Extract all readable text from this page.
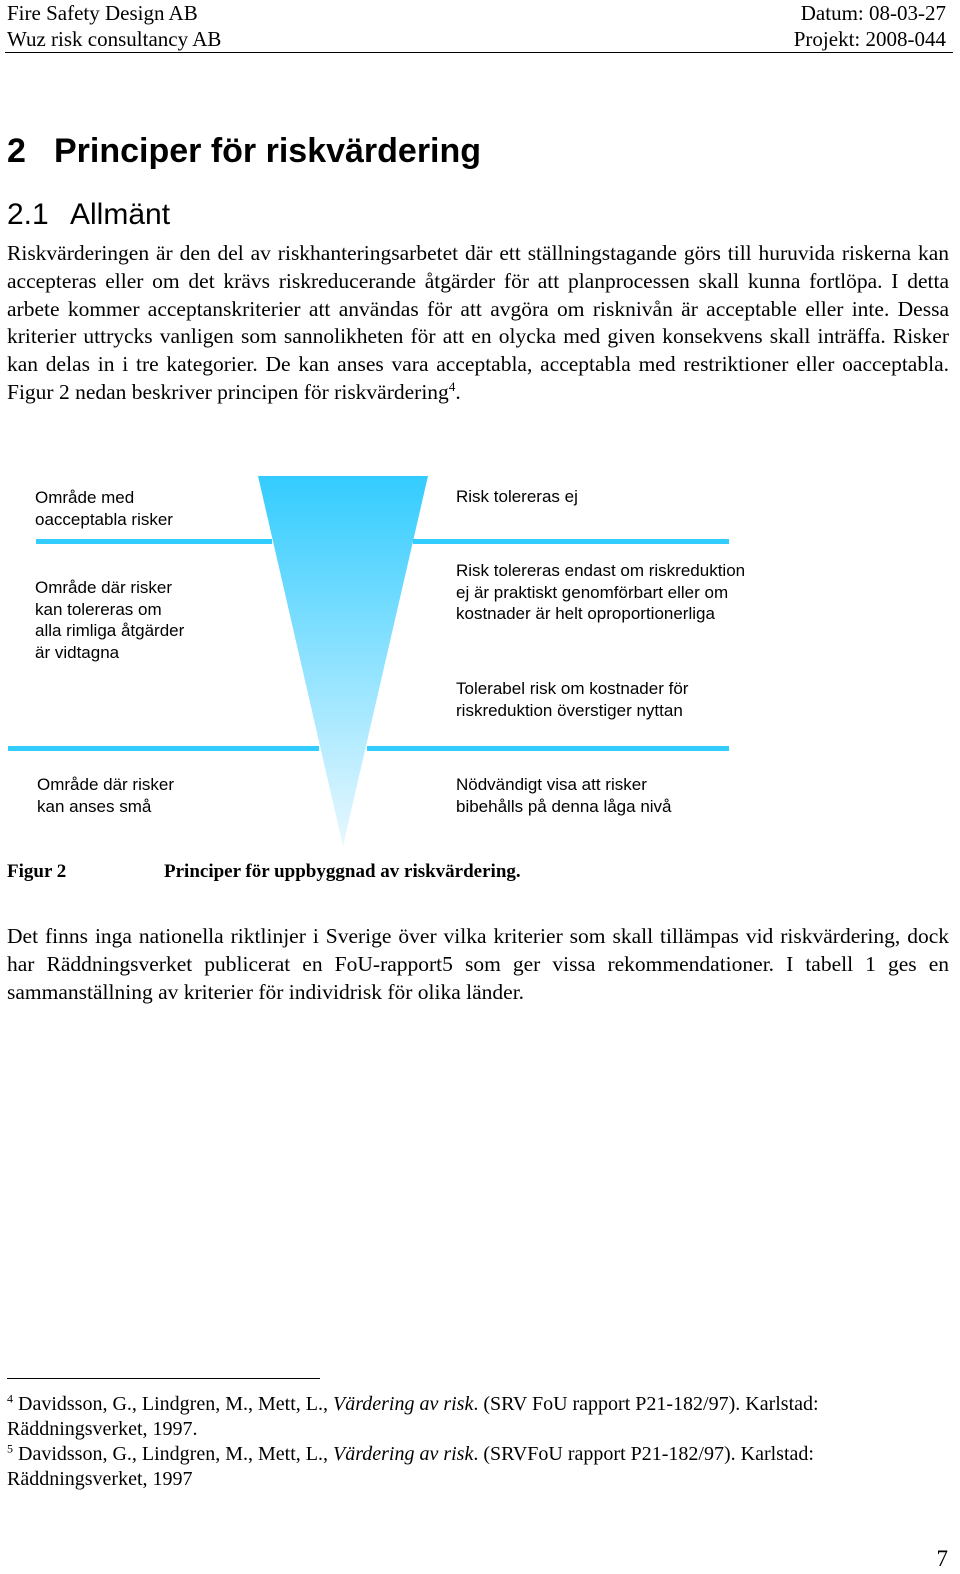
Fire Safety Design AB
Wuz risk consultancy AB
Datum: 08-03-27
Projekt: 2008-044
2 Principer för riskvärdering
2.1 Allmänt
Riskvärderingen är den del av riskhanteringsarbetet där ett ställningstagande görs till huruvida riskerna kan accepteras eller om det krävs riskreducerande åtgärder för att planprocessen skall kunna fortlöpa. I detta arbete kommer acceptanskriterier att användas för att avgöra om risknivån är acceptable eller inte. Dessa kriterier uttrycks vanligen som sannolikheten för att en olycka med given konsekvens skall inträffa. Risker kan delas in i tre kategorier. De kan anses vara acceptabla, acceptabla med restriktioner eller oacceptabla. Figur 2 nedan beskriver principen för riskvärdering$^4$.
Område med
oacceptabla risker
Område där risker
kan tolereras om
alla rimliga åtgärder
är vidtagna
Område där risker
kan anses små
Risk tolereras ej
Risk tolereras endast om riskreduktion
ej är praktiskt genomförbart eller om
kostnader är helt oproportionerliga
Tolerabel risk om kostnader för
riskreduktion överstiger nyttan
Nödvändigt visa att risker
bibehålls på denna låga nivå
Figur 2	Principer för uppbyggnad av riskvärdering.
Det finns inga nationella riktlinjer i Sverige över vilka kriterier som skall tillämpas vid riskvärdering, dock har Räddningsverket publicerat en FoU-rapport5 som ger vissa rekommendationer. I tabell 1 ges en sammanställning av kriterier för individrisk för olika länder.
$^4$ Davidsson, G., Lindgren, M., Mett, L., Värdering av risk. (SRV FoU rapport P21-182/97). Karlstad: Räddningsverket, 1997.
$^5$ Davidsson, G., Lindgren, M., Mett, L., Värdering av risk. (SRVFoU rapport P21-182/97). Karlstad: Räddningsverket, 1997
7
